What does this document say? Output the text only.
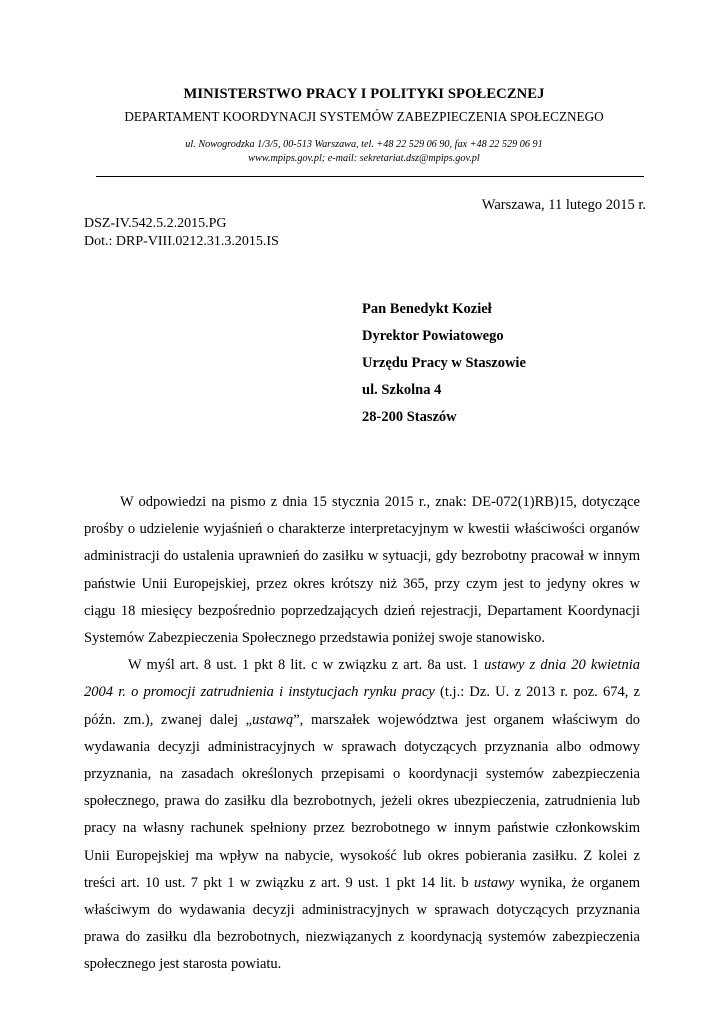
MINISTERSTWO PRACY I POLITYKI SPOŁECZNEJ
DEPARTAMENT KOORDYNACJI SYSTEMÓW ZABEZPIECZENIA SPOŁECZNEGO
ul. Nowogrodzka 1/3/5, 00-513 Warszawa, tel. +48 22 529 06 90, fax +48 22 529 06 91
www.mpips.gov.pl; e-mail: sekretariat.dsz@mpips.gov.pl
Warszawa, 11 lutego 2015 r.
DSZ-IV.542.5.2.2015.PG
Dot.: DRP-VIII.0212.31.3.2015.IS
Pan Benedykt Kozieł
Dyrektor Powiatowego
Urzędu Pracy w Staszowie
ul. Szkolna 4
28-200 Staszów

W odpowiedzi na pismo z dnia 15 stycznia 2015 r., znak: DE-072(1)RB)15, dotyczące prośby o udzielenie wyjaśnień o charakterze interpretacyjnym w kwestii właściwości organów administracji do ustalenia uprawnień do zasiłku w sytuacji, gdy bezrobotny pracował w innym państwie Unii Europejskiej, przez okres krótszy niż 365, przy czym jest to jedyny okres w ciągu 18 miesięcy bezpośrednio poprzedzających dzień rejestracji, Departament Koordynacji Systemów Zabezpieczenia Społecznego przedstawia poniżej swoje stanowisko.

W myśl art. 8 ust. 1 pkt 8 lit. c w związku z art. 8a ust. 1 ustawy z dnia 20 kwietnia 2004 r. o promocji zatrudnienia i instytucjach rynku pracy (t.j.: Dz. U. z 2013 r. poz. 674, z późn. zm.), zwanej dalej „ustawą”, marszałek województwa jest organem właściwym do wydawania decyzji administracyjnych w sprawach dotyczących przyznania albo odmowy przyznania, na zasadach określonych przepisami o koordynacji systemów zabezpieczenia społecznego, prawa do zasiłku dla bezrobotnych, jeżeli okres ubezpieczenia, zatrudnienia lub pracy na własny rachunek spełniony przez bezrobotnego w innym państwie członkowskim Unii Europejskiej ma wpływ na nabycie, wysokość lub okres pobierania zasiłku. Z kolei z treści art. 10 ust. 7 pkt 1 w związku z art. 9 ust. 1 pkt 14 lit. b ustawy wynika, że organem właściwym do wydawania decyzji administracyjnych w sprawach dotyczących przyznania prawa do zasiłku dla bezrobotnych, niezwiązanych z koordynacją systemów zabezpieczenia społecznego jest starosta powiatu.
